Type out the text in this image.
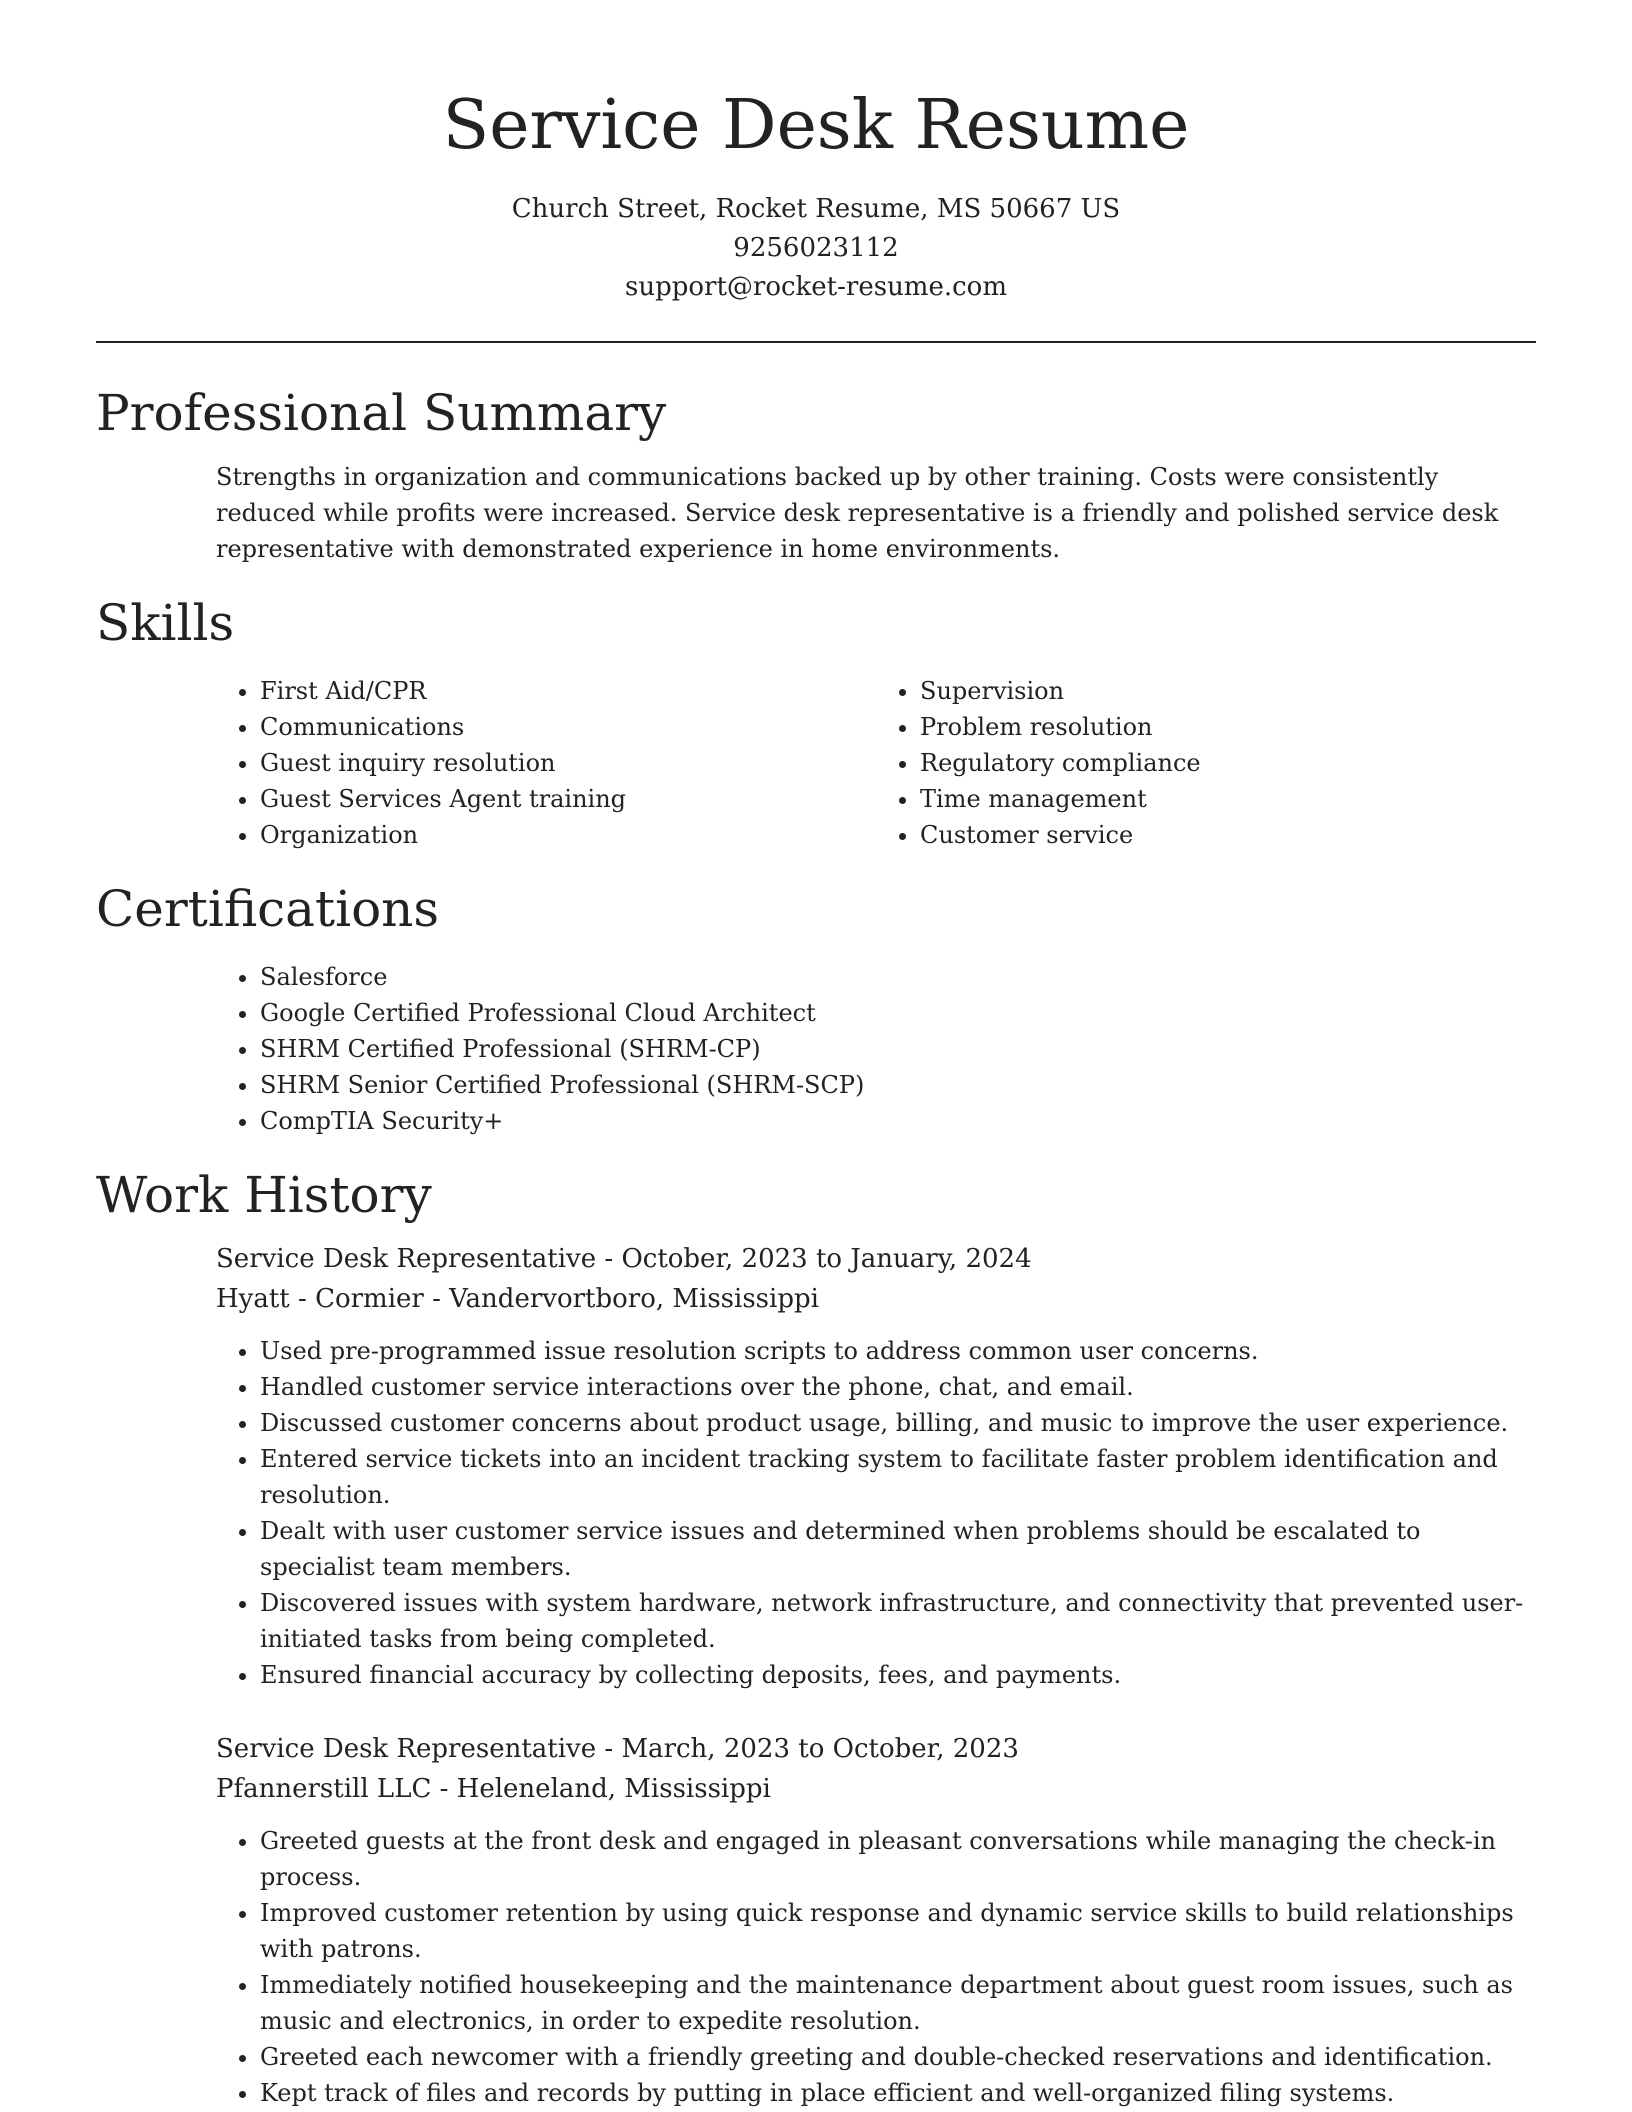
Service Desk Resume
Church Street, Rocket Resume, MS 50667 US
9256023112
support@rocket-resume.com
Professional Summary

Strengths in organization and communications backed up by other training. Costs were consistently reduced while profits were increased. Service desk representative is a friendly and polished service desk representative with demonstrated experience in home environments.

Skills
• First Aid/CPR
• Communications
• Guest inquiry resolution
• Guest Services Agent training
• Organization
• Supervision
• Problem resolution
• Regulatory compliance
• Time management
• Customer service
Certifications
• Salesforce
• Google Certified Professional Cloud Architect
• SHRM Certified Professional (SHRM-CP)
• SHRM Senior Certified Professional (SHRM-SCP)
• CompTIA Security+
Work History
Service Desk Representative - October, 2023 to January, 2024
Hyatt - Cormier - Vandervortboro, Mississippi
• Used pre-programmed issue resolution scripts to address common user concerns.
• Handled customer service interactions over the phone, chat, and email.
• Discussed customer concerns about product usage, billing, and music to improve the user experience.
• Entered service tickets into an incident tracking system to facilitate faster problem identification and resolution.
• Dealt with user customer service issues and determined when problems should be escalated to specialist team members.
• Discovered issues with system hardware, network infrastructure, and connectivity that prevented user-initiated tasks from being completed.
• Ensured financial accuracy by collecting deposits, fees, and payments.
Service Desk Representative - March, 2023 to October, 2023
Pfannerstill LLC - Heleneland, Mississippi
• Greeted guests at the front desk and engaged in pleasant conversations while managing the check-in process.
• Improved customer retention by using quick response and dynamic service skills to build relationships with patrons.
• Immediately notified housekeeping and the maintenance department about guest room issues, such as music and electronics, in order to expedite resolution.
• Greeted each newcomer with a friendly greeting and double-checked reservations and identification.
• Kept track of files and records by putting in place efficient and well-organized filing systems.
